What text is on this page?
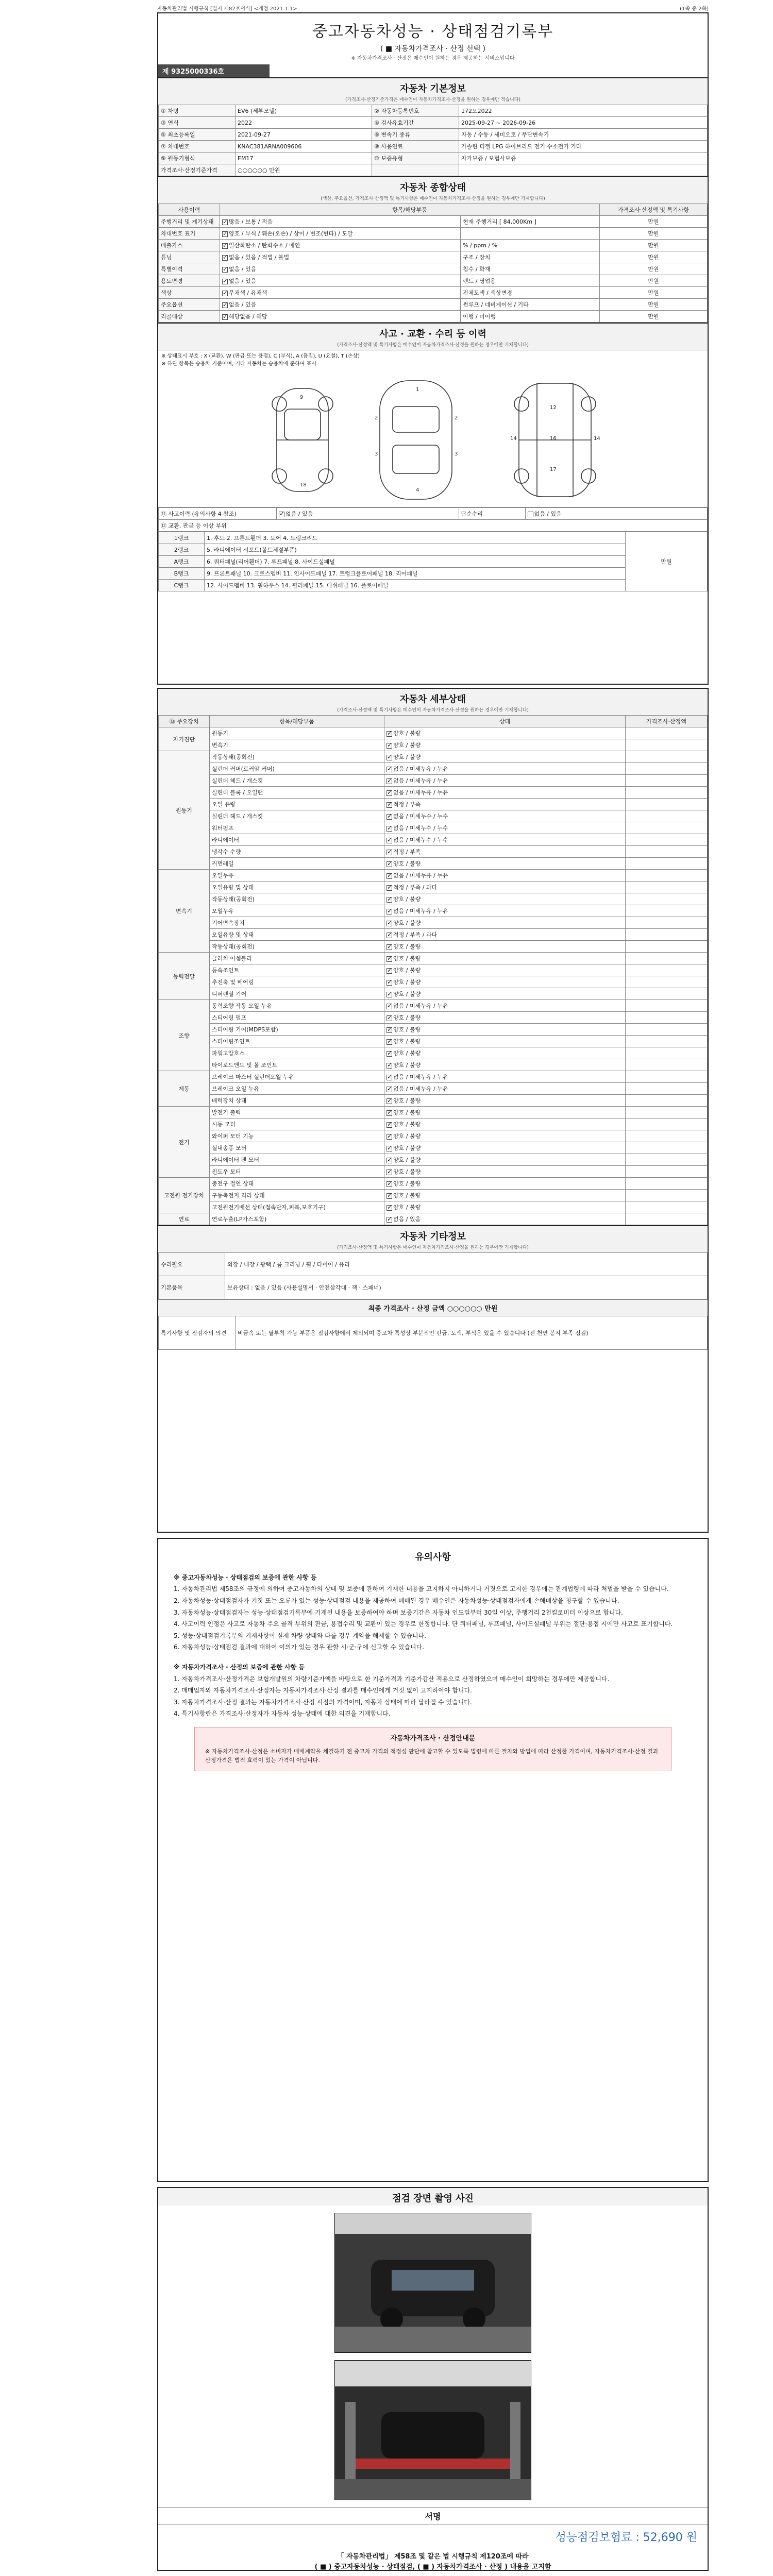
자동차관리법 시행규칙 [별지 제82호서식] <개정 2021.1.1>	(1쪽 중 2쪽)
중고자동차성능 · 상태점검기록부
( ■ 자동차가격조사 · 산정 선택 )
※ 자동차가격조사 · 산정은 매수인이 원하는 경우 제공하는 서비스입니다
제 9325000336호
자동차 기본정보
(가격조사·산정기준가격은 매수인이 자동차가격조사·산정을 원하는 경우에만 적습니다)
① 차명	EV6 (세부모델)	② 자동차등록번호	172오2022
③ 연식	2022	④ 검사유효기간	2025-09-27 ~ 2026-09-26
⑤ 최초등록일	2021-09-27	⑥ 변속기 종류	자동 / 수동 / 세미오토 / 무단변속기
⑦ 차대번호	KNAC381ARNA009606	⑧ 사용연료	가솔린 디젤 LPG 하이브리드 전기 수소전기 기타
⑨ 원동기형식	EM17	⑩ 보증유형	자가보증 / 보험사보증
가격조사·산정기준가격	○○○○○○ 만원		
자동차 종합상태
(색상, 주요옵션, 가격조사·산정액 및 특기사항은 매수인이 자동차가격조사·산정을 원하는 경우에만 기재합니다)
사용이력	항목/해당부품		가격조사·산정액 및 특기사항
주행거리 및 계기상태	✓많음 / 보통 / 적음	현재 주행거리 [ 84,000Km ]	만원
차대번호 표기	✓양호 / 부식 / 훼손(오손) / 상이 / 변조(변타) / 도말		만원
배출가스	✓일산화탄소 / 탄화수소 / 매연	% / ppm / %	만원
튜닝	✓없음 / 있음 / 적법 / 불법	구조 / 장치	만원
특별이력	✓없음 / 있음	침수 / 화재	만원
용도변경	✓없음 / 있음	렌트 / 영업용	만원
색상	✓무채색 / 유채색	전체도색 / 색상변경	만원
주요옵션	✓없음 / 있음	썬루프 / 네비게이션 / 기타	만원
리콜대상	✓해당없음 / 해당	이행 / 미이행	만원
사고 · 교환 · 수리 등 이력
(가격조사·산정액 및 특기사항은 매수인이 자동차가격조사·산정을 원하는 경우에만 기재합니다)
※ 상태표시 부호 : X (교환), W (판금 또는 용접), C (부식), A (흠집), U (요철), T (손상)
※ 하단 항목은 승용차 기준이며, 기타 자동차는 승용차에 준하여 표시
1
4
2	2
3	3
12
16
17
14	14
9
18
⑪ 사고이력 (유의사항 4 참조)	✓없음 / 있음	단순수리	없음 / 있음
⑫ 교환, 판금 등 이상 부위
1랭크	1. 후드 2. 프론트휀더 3. 도어 4. 트렁크리드	만원
2랭크	5. 라디에이터 서포트(볼트체결부품)	
A랭크	6. 쿼터패널(리어휀더) 7. 루프패널 8. 사이드실패널	
B랭크	9. 프론트패널 10. 크로스멤버 11. 인사이드패널 17. 트렁크플로어패널 18. 리어패널	
C랭크	12. 사이드멤버 13. 휠하우스 14. 필러패널 15. 대쉬패널 16. 플로어패널	
자동차 세부상태
(가격조사·산정액 및 특기사항은 매수인이 자동차가격조사·산정을 원하는 경우에만 기재합니다)
⑬ 주요장치	항목/해당부품	상태	가격조사·산정액
자기진단	원동기	✓양호 / 불량	
	변속기	✓양호 / 불량	
원동기	작동상태(공회전)	✓양호 / 불량	
	실린더 커버(로커암 커버)	✓없음 / 미세누유 / 누유	
	실린더 헤드 / 개스킷	✓없음 / 미세누유 / 누유	
	실린더 블록 / 오일팬	✓없음 / 미세누유 / 누유	
	오일 유량	✓적정 / 부족	
	실린더 헤드 / 개스킷	✓없음 / 미세누수 / 누수	
	워터펌프	✓없음 / 미세누수 / 누수	
	라디에이터	✓없음 / 미세누수 / 누수	
	냉각수 수량	✓적정 / 부족	
	커먼레일	✓양호 / 불량	
변속기	오일누유	✓없음 / 미세누유 / 누유	
	오일유량 및 상태	✓적정 / 부족 / 과다	
	작동상태(공회전)	✓양호 / 불량	
	오일누유	✓없음 / 미세누유 / 누유	
	기어변속장치	✓양호 / 불량	
	오일유량 및 상태	✓적정 / 부족 / 과다	
	작동상태(공회전)	✓양호 / 불량	
동력전달	클러치 어셈블리	✓양호 / 불량	
	등속조인트	✓양호 / 불량	
	추진축 및 베어링	✓양호 / 불량	
	디퍼렌셜 기어	✓양호 / 불량	
조향	동력조향 작동 오일 누유	✓없음 / 미세누유 / 누유	
	스티어링 펌프	✓양호 / 불량	
	스티어링 기어(MDPS포함)	✓양호 / 불량	
	스티어링조인트	✓양호 / 불량	
	파워고압호스	✓양호 / 불량	
	타이로드엔드 및 볼 조인트	✓양호 / 불량	
제동	브레이크 마스터 실린더오일 누유	✓없음 / 미세누유 / 누유	
	브레이크 오일 누유	✓없음 / 미세누유 / 누유	
	배력장치 상태	✓양호 / 불량	
전기	발전기 출력	✓양호 / 불량	
	시동 모터	✓양호 / 불량	
	와이퍼 모터 기능	✓양호 / 불량	
	실내송풍 모터	✓양호 / 불량	
	라디에이터 팬 모터	✓양호 / 불량	
	윈도우 모터	✓양호 / 불량	
고전원 전기장치	충전구 절연 상태	✓양호 / 불량	
	구동축전지 격리 상태	✓양호 / 불량	
	고전원전기배선 상태(접속단자,피복,보호기구)	✓양호 / 불량	
연료	연료누출(LP가스포함)	✓없음 / 있음	
자동차 기타정보
(가격조사·산정액 및 특기사항은 매수인이 자동차가격조사·산정을 원하는 경우에만 기재합니다)
수리필요	외장 / 내장 / 광택 / 룸 크리닝 / 휠 / 타이어 / 유리
기본품목	보유상태 : 없음 / 있음 (사용설명서 · 안전삼각대 · 잭 · 스패너)
최종 가격조사 · 산정 금액 ○○○○○○ 만원
특기사항 및 점검자의 의견	비금속 또는 탈부착 가능 부품은 점검사항에서 제외되며 중고차 특성상 부분적인 판금, 도색, 부식은 있을 수 있습니다 (전 천연 봉지 부족 점검)
유의사항

※ 중고자동차성능 · 상태점검의 보증에 관한 사항 등

1. 자동차관리법 제58조의 규정에 의하여 중고자동차의 상태 및 보증에 관하여 기재한 내용을 고지하지 아니하거나 거짓으로 고지한 경우에는 관계법령에 따라 처벌을 받을 수 있습니다.

2. 자동차성능·상태점검자가 거짓 또는 오류가 있는 성능·상태점검 내용을 제공하여 매매된 경우 매수인은 자동차성능·상태점검자에게 손해배상을 청구할 수 있습니다.

3. 자동차성능·상태점검자는 성능·상태점검기록부에 기재된 내용을 보증하여야 하며 보증기간은 자동차 인도일부터 30일 이상, 주행거리 2천킬로미터 이상으로 합니다.

4. 사고이력 인정은 사고로 자동차 주요 골격 부위의 판금, 용접수리 및 교환이 있는 경우로 한정합니다. 단 쿼터패널, 루프패널, 사이드실패널 부위는 절단·용접 시에만 사고로 표기합니다.

5. 성능·상태점검기록부의 기재사항이 실제 차량 상태와 다를 경우 계약을 해제할 수 있습니다.

6. 자동차성능·상태점검 결과에 대하여 이의가 있는 경우 관할 시·군·구에 신고할 수 있습니다.

※ 자동차가격조사 · 산정의 보증에 관한 사항 등

1. 자동차가격조사·산정가격은 보험개발원의 차량기준가액을 바탕으로 한 기준가격과 기준가감산 적용으로 산정하였으며 매수인이 희망하는 경우에만 제공합니다.

2. 매매업자와 자동차가격조사·산정자는 자동차가격조사·산정 결과를 매수인에게 거짓 없이 고지하여야 합니다.

3. 자동차가격조사·산정 결과는 자동차가격조사·산정 시점의 가격이며, 자동차 상태에 따라 달라질 수 있습니다.

4. 특기사항란은 가격조사·산정자가 자동차 성능·상태에 대한 의견을 기재합니다.

자동차가격조사 · 산정안내문
※ 자동차가격조사·산정은 소비자가 매매계약을 체결하기 전 중고차 가격의 적정성 판단에 참고할 수 있도록 법령에 따른 절차와 방법에 따라 산정한 가격이며, 자동차가격조사·산정 결과 산정가격은 법적 효력이 있는 가격이 아닙니다.
점검 장면 촬영 사진
서명
성능점검보험료 : 52,690 원
「 자동차관리법」 제58조 및 같은 법 시행규칙 제120조에 따라
( ■ ) 중고자동차성능 · 상태점검, ( ■ ) 자동차가격조사 · 산정 ) 내용을 고지함
